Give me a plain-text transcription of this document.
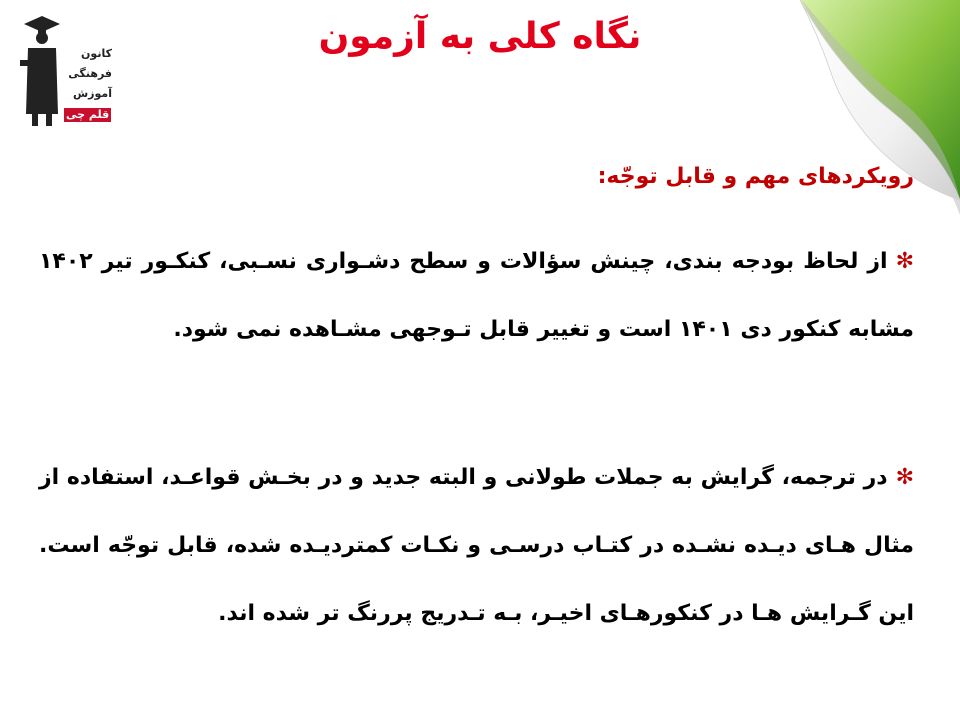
کانون
فرهنگی
آموزش
قلم چی
نگاه کلی به آزمون
رویکردهای مهم و قابل توجّه:
✻از لحاظ بودجه بندی، چینش سؤالات و سطح دشـواری نسـبی، کنکـور تیر ۱۴۰۲ مشابه کنکور دی ۱۴۰۱ است و تغییر قابل تـوجهی مشـاهده نمی شود.
✻در ترجمه، گرایش به جملات طولانی و البته جدید و در بخـش قواعـد، استفاده از مثال هـای دیـده نشـده در کتـاب درسـی و نکـات کمتردیـده شده، قابل توجّه است. این گـرایش هـا در کنکورهـای اخیـر، بـه تـدریج پررنگ تر شده اند.
